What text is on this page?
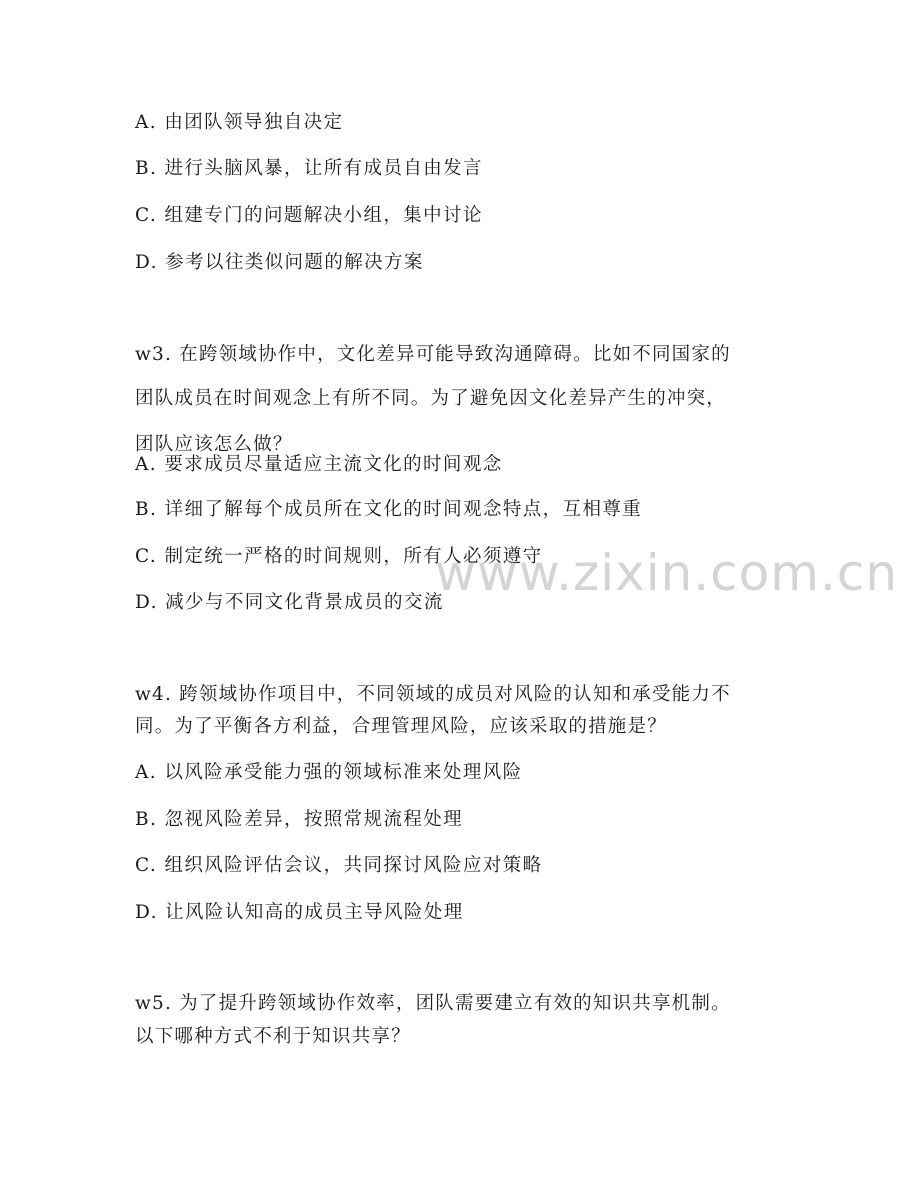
A. 由团队领导独自决定
B. 进行头脑风暴，让所有成员自由发言
C. 组建专门的问题解决小组，集中讨论
D. 参考以往类似问题的解决方案
w3. 在跨领域协作中，文化差异可能导致沟通障碍。比如不同国家的
团队成员在时间观念上有所不同。为了避免因文化差异产生的冲突，
团队应该怎么做？
A. 要求成员尽量适应主流文化的时间观念
B. 详细了解每个成员所在文化的时间观念特点，互相尊重
C. 制定统一严格的时间规则，所有人必须遵守
D. 减少与不同文化背景成员的交流
w4. 跨领域协作项目中，不同领域的成员对风险的认知和承受能力不
同。为了平衡各方利益，合理管理风险，应该采取的措施是？
A. 以风险承受能力强的领域标准来处理风险
B. 忽视风险差异，按照常规流程处理
C. 组织风险评估会议，共同探讨风险应对策略
D. 让风险认知高的成员主导风险处理
w5. 为了提升跨领域协作效率，团队需要建立有效的知识共享机制。
以下哪种方式不利于知识共享？
www.zixin.com.cn
